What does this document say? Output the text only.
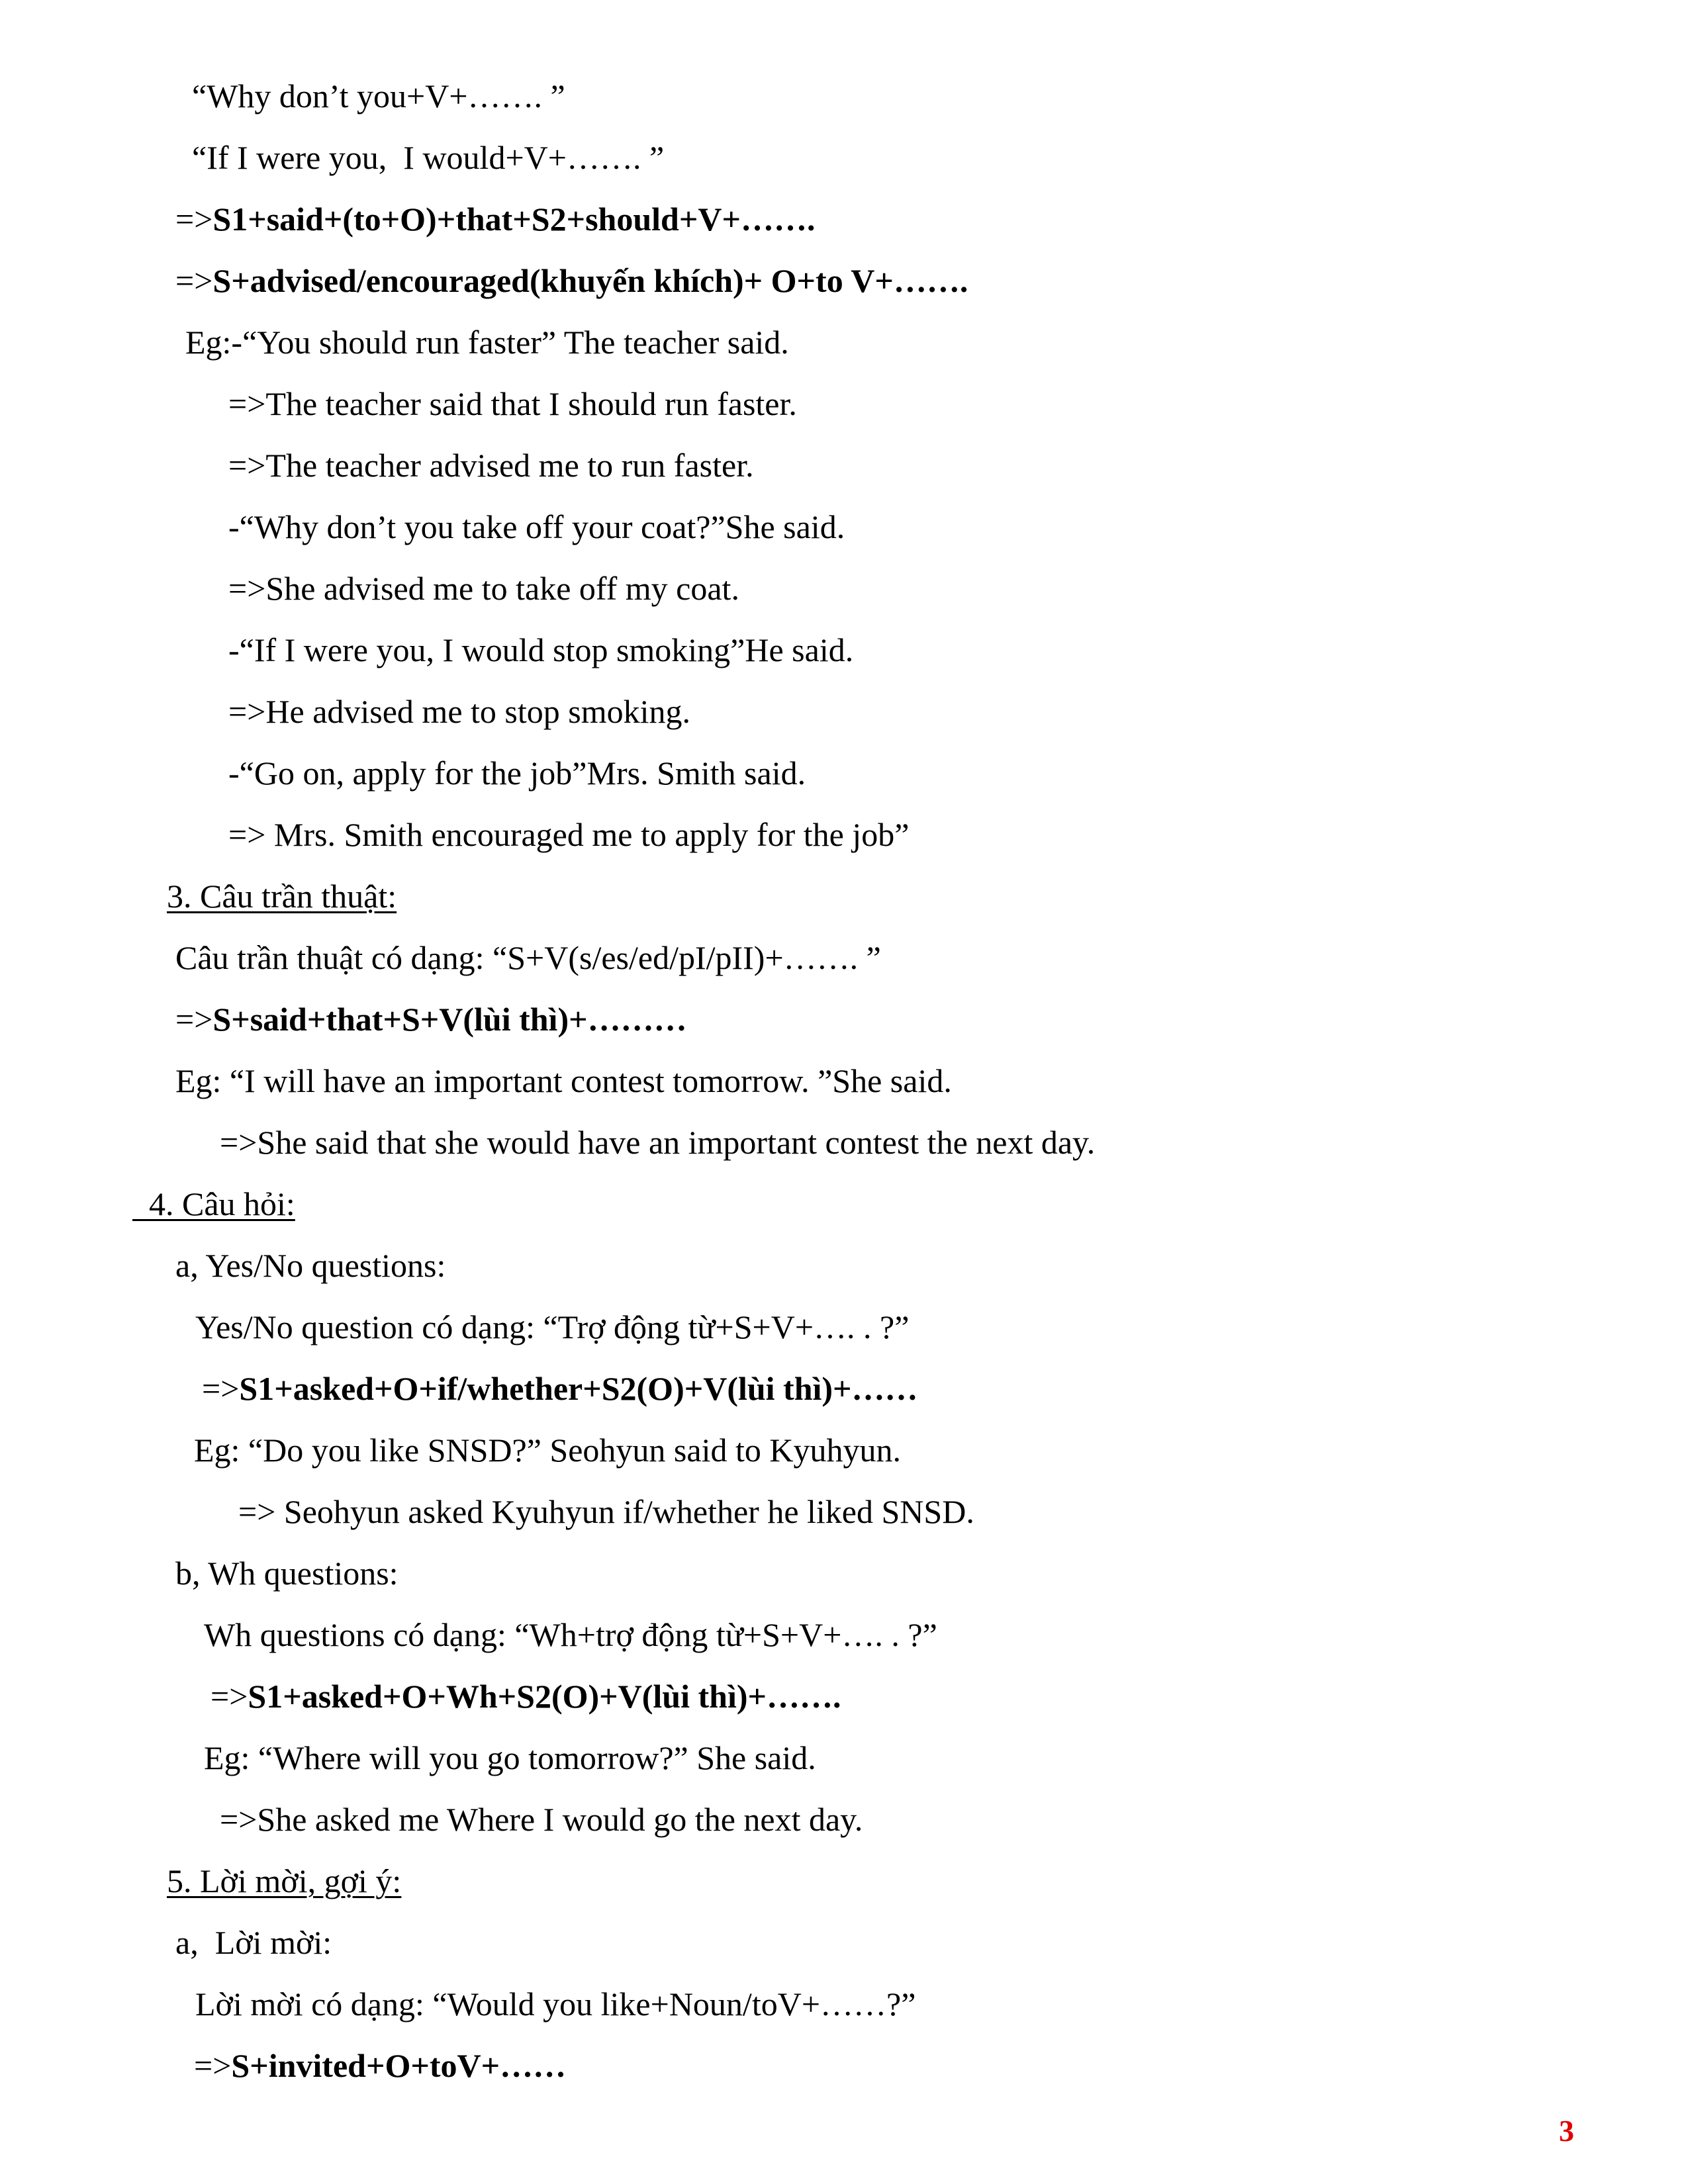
“Why don’t you+V+……. ”
“If I were you,  I would+V+……. ”
=>S1+said+(to+O)+that+S2+should+V+…….
=>S+advised/encouraged(khuyến khích)+ O+to V+…….
Eg:-“You should run faster” The teacher said.
=>The teacher said that I should run faster.
=>The teacher advised me to run faster.
-“Why don’t you take off your coat?”She said.
=>She advised me to take off my coat.
-“If I were you, I would stop smoking”He said.
=>He advised me to stop smoking.
-“Go on, apply for the job”Mrs. Smith said.
=> Mrs. Smith encouraged me to apply for the job”
3. Câu trần thuật:
Câu trần thuật có dạng: “S+V(s/es/ed/pI/pII)+……. ”
=>S+said+that+S+V(lùi thì)+………
Eg: “I will have an important contest tomorrow. ”She said.
=>She said that she would have an important contest the next day.
4. Câu hỏi:
a, Yes/No questions:
Yes/No question có dạng: “Trợ động từ+S+V+…. . ?”
=>S1+asked+O+if/whether+S2(O)+V(lùi thì)+……
Eg: “Do you like SNSD?” Seohyun said to Kyuhyun.
=> Seohyun asked Kyuhyun if/whether he liked SNSD.
b, Wh questions:
Wh questions có dạng: “Wh+trợ động từ+S+V+…. . ?”
=>S1+asked+O+Wh+S2(O)+V(lùi thì)+…….
Eg: “Where will you go tomorrow?” She said.
=>She asked me Where I would go the next day.
5. Lời mời, gợi ý:
a,  Lời mời:
Lời mời có dạng: “Would you like+Noun/toV+……?”
=>S+invited+O+toV+……
3
